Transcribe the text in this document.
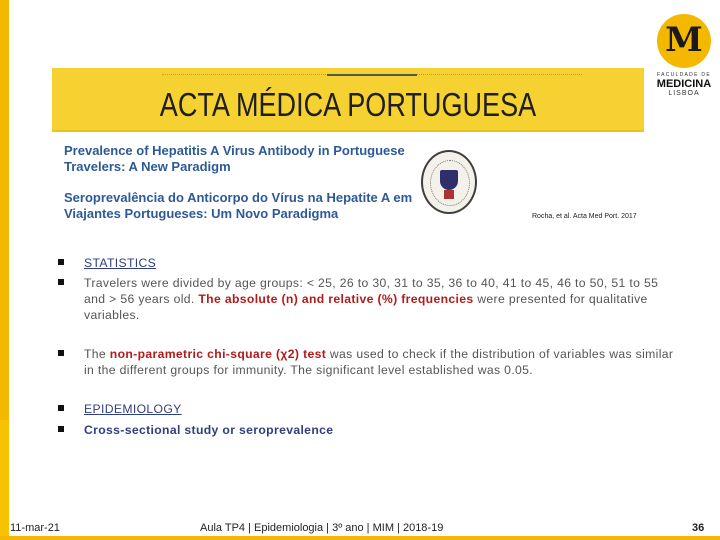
M
FACULDADE DE
MEDICINA
LISBOA
ACTA MÉDICA PORTUGUESA
Prevalence of Hepatitis A Virus Antibody in Portuguese
Travelers: A New Paradigm
Seroprevalência do Anticorpo do Vírus na Hepatite A em
Viajantes Portugueses: Um Novo Paradigma	Rocha, et al. Acta Med Port. 2017
STATISTICS
Travelers were divided by age groups: < 25, 26 to 30, 31 to 35, 36 to 40, 41 to 45, 46 to 50, 51 to 55 and > 56 years old. The absolute (n) and relative (%) frequencies were presented for qualitative variables.
The non-parametric chi-square (χ2) test was used to check if the distribution of variables was similar in the different groups for immunity. The significant level established was 0.05.
EPIDEMIOLOGY
Cross-sectional study or seroprevalence
11-mar-21	Aula TP4 | Epidemiologia | 3º ano | MIM | 2018-19	36
